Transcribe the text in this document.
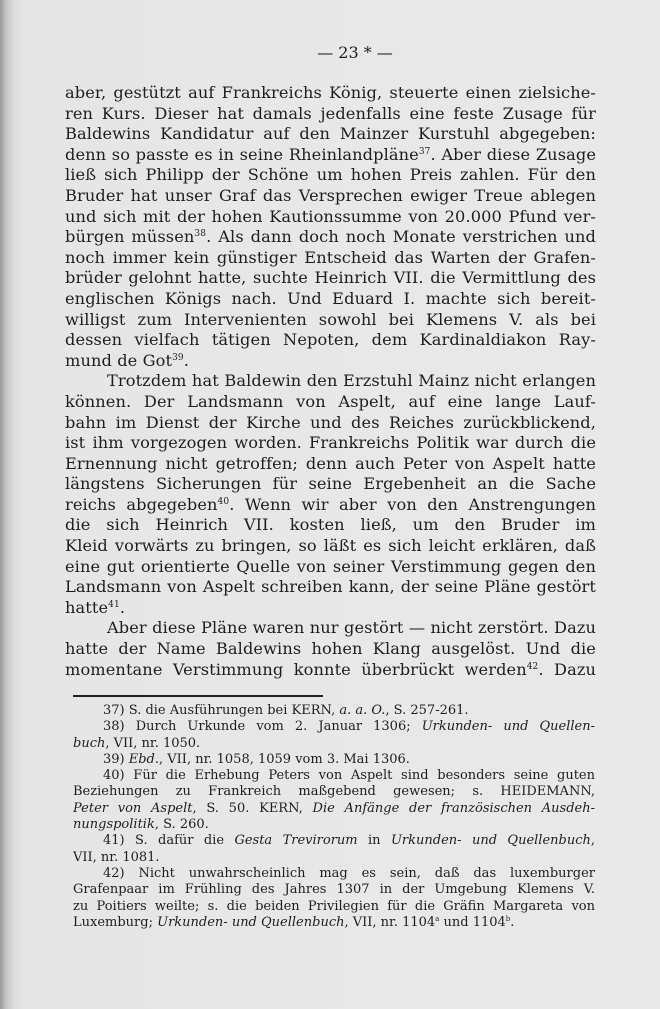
— 23 * —
aber, gestützt auf Frankreichs König, steuerte einen zielsiche-
ren Kurs. Dieser hat damals jedenfalls eine feste Zusage für
Baldewins Kandidatur auf den Mainzer Kurstuhl abgegeben:
denn so passte es in seine Rheinlandpläne$^{37}$. Aber diese Zusage
ließ sich Philipp der Schöne um hohen Preis zahlen. Für den
Bruder hat unser Graf das Versprechen ewiger Treue ablegen
und sich mit der hohen Kautionssumme von 20.000 Pfund ver-
bürgen müssen$^{38}$. Als dann doch noch Monate verstrichen und
noch immer kein günstiger Entscheid das Warten der Grafen-
brüder gelohnt hatte, suchte Heinrich VII. die Vermittlung des
englischen Königs nach. Und Eduard I. machte sich bereit-
willigst zum Intervenienten sowohl bei Klemens V. als bei
dessen vielfach tätigen Nepoten, dem Kardinaldiakon Ray-
mund de Got$^{39}$.
Trotzdem hat Baldewin den Erzstuhl Mainz nicht erlangen
können. Der Landsmann von Aspelt, auf eine lange Lauf-
bahn im Dienst der Kirche und des Reiches zurückblickend,
ist ihm vorgezogen worden. Frankreichs Politik war durch die
Ernennung nicht getroffen; denn auch Peter von Aspelt hatte
längstens Sicherungen für seine Ergebenheit an die Sache
reichs abgegeben$^{40}$. Wenn wir aber von den Anstrengungen
die sich Heinrich VII. kosten ließ, um den Bruder im
Kleid vorwärts zu bringen, so läßt es sich leicht erklären, daß
eine gut orientierte Quelle von seiner Verstimmung gegen den
Landsmann von Aspelt schreiben kann, der seine Pläne gestört
hatte$^{41}$.
Aber diese Pläne waren nur gestört — nicht zerstört. Dazu
hatte der Name Baldewins hohen Klang ausgelöst. Und die
momentane Verstimmung konnte überbrückt werden$^{42}$. Dazu
37) S. die Ausführungen bei KERN, a. a. O., S. 257-261.
38) Durch Urkunde vom 2. Januar 1306; Urkunden- und Quellen-
buch, VII, nr. 1050.
39) Ebd., VII, nr. 1058, 1059 vom 3. Mai 1306.
40) Für die Erhebung Peters von Aspelt sind besonders seine guten
Beziehungen zu Frankreich maßgebend gewesen; s. HEIDEMANN,
Peter von Aspelt, S. 50. KERN, Die Anfänge der französischen Ausdeh-
nungspolitik, S. 260.
41) S. dafür die Gesta Trevirorum in Urkunden- und Quellenbuch,
VII, nr. 1081.
42) Nicht unwahrscheinlich mag es sein, daß das luxemburger
Grafenpaar im Frühling des Jahres 1307 in der Umgebung Klemens V.
zu Poitiers weilte; s. die beiden Privilegien für die Gräfin Margareta von
Luxemburg; Urkunden- und Quellenbuch, VII, nr. 1104$^a$ und 1104$^b$.
